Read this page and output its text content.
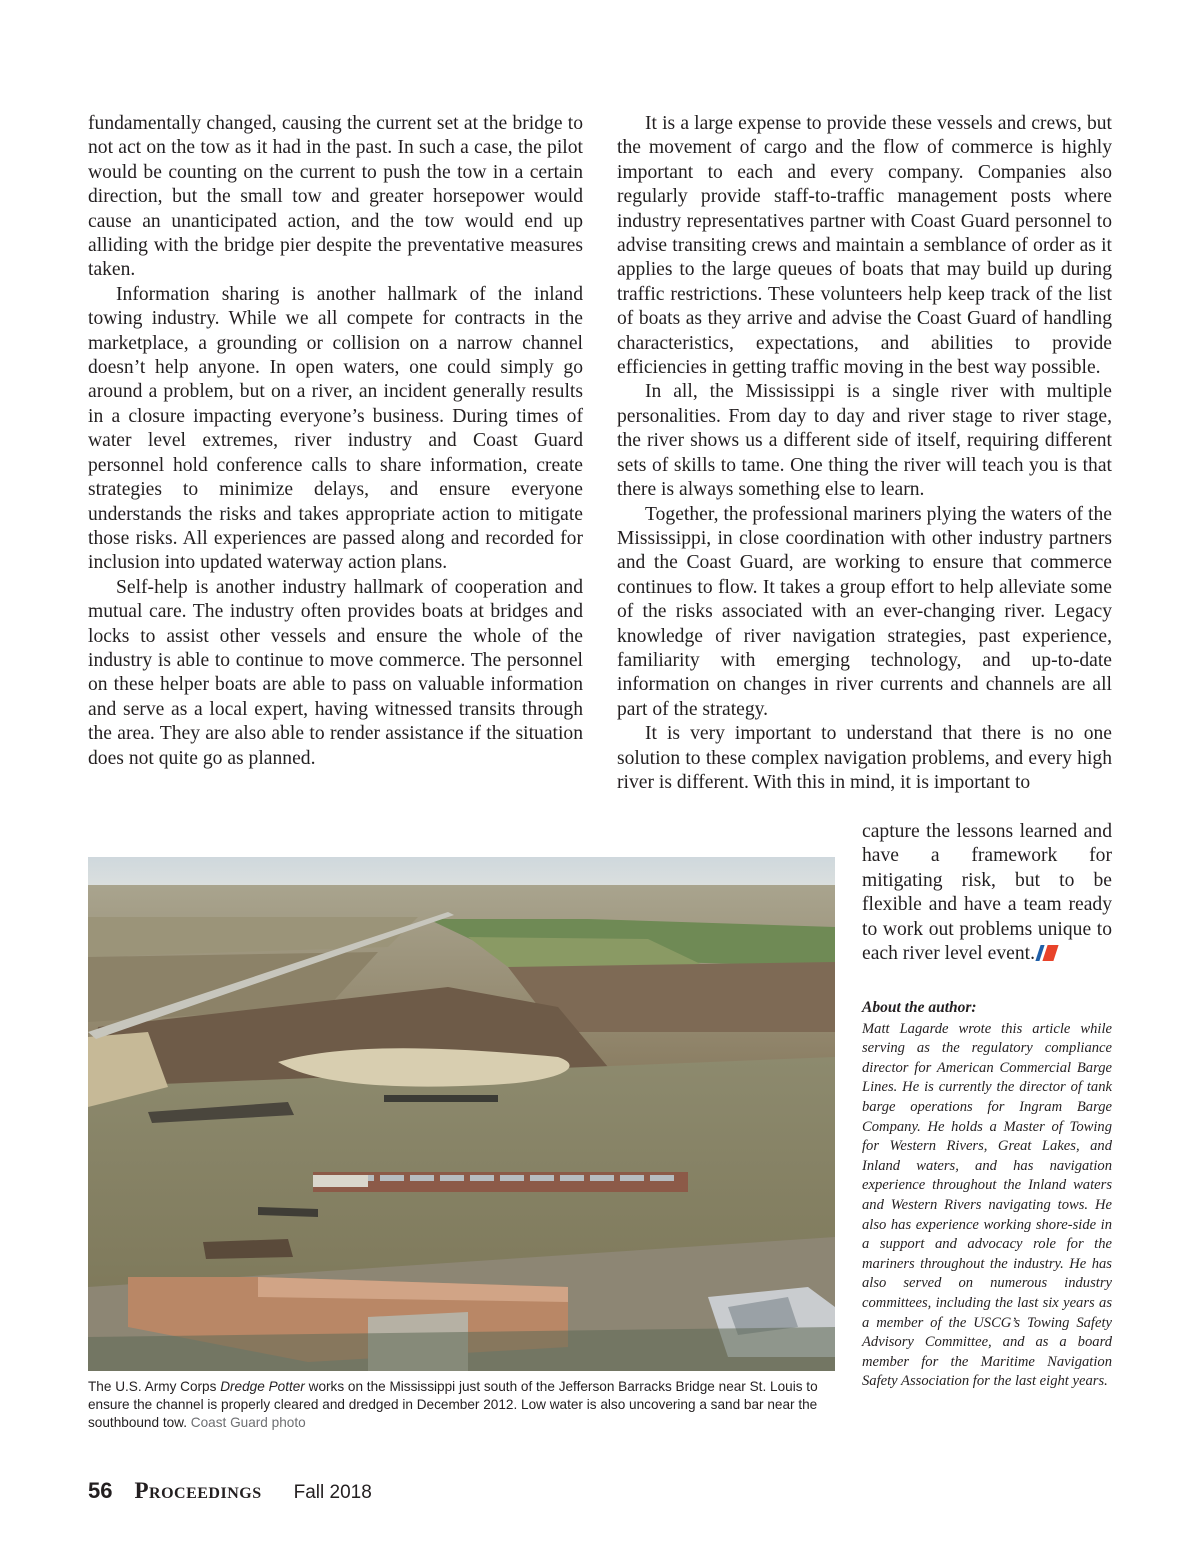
fundamentally changed, causing the current set at the bridge to not act on the tow as it had in the past. In such a case, the pilot would be counting on the current to push the tow in a certain direction, but the small tow and greater horsepower would cause an unanticipated action, and the tow would end up alliding with the bridge pier despite the preventative measures taken.

Information sharing is another hallmark of the inland towing industry. While we all compete for contracts in the marketplace, a grounding or collision on a narrow channel doesn’t help anyone. In open waters, one could simply go around a problem, but on a river, an incident generally results in a closure impacting everyone’s business. During times of water level extremes, river industry and Coast Guard personnel hold conference calls to share information, create strategies to minimize delays, and ensure everyone understands the risks and takes appropriate action to mitigate those risks. All experiences are passed along and recorded for inclusion into updated waterway action plans.

Self-help is another industry hallmark of cooperation and mutual care. The industry often provides boats at bridges and locks to assist other vessels and ensure the whole of the industry is able to continue to move commerce. The personnel on these helper boats are able to pass on valuable information and serve as a local expert, having witnessed transits through the area. They are also able to render assistance if the situation does not quite go as planned.

It is a large expense to provide these vessels and crews, but the movement of cargo and the flow of commerce is highly important to each and every company. Companies also regularly provide staff-to-traffic management posts where industry representatives partner with Coast Guard personnel to advise transiting crews and maintain a semblance of order as it applies to the large queues of boats that may build up during traffic restrictions. These volunteers help keep track of the list of boats as they arrive and advise the Coast Guard of handling characteristics, expectations, and abilities to provide efficiencies in getting traffic moving in the best way possible.

In all, the Mississippi is a single river with multiple personalities. From day to day and river stage to river stage, the river shows us a different side of itself, requiring different sets of skills to tame. One thing the river will teach you is that there is always something else to learn.

Together, the professional mariners plying the waters of the Mississippi, in close coordination with other industry partners and the Coast Guard, are working to ensure that commerce continues to flow. It takes a group effort to help alleviate some of the risks associated with an ever-changing river. Legacy knowledge of river navigation strategies, past experience, familiarity with emerging technology, and up-to-date information on changes in river currents and channels are all part of the strategy.

It is very important to understand that there is no one solution to these complex navigation problems, and every high river is different. With this in mind, it is important to

capture the lessons learned and have a framework for mitigating risk, but to be flexible and have a team ready to work out problems unique to each river level event.
The U.S. Army Corps Dredge Potter works on the Mississippi just south of the Jefferson Barracks Bridge near St. Louis to ensure the channel is properly cleared and dredged in December 2012. Low water is also uncovering a sand bar near the southbound tow. Coast Guard photo
About the author:
Matt Lagarde wrote this article while serving as the regulatory compliance director for American Commercial Barge Lines. He is currently the director of tank barge operations for Ingram Barge Company. He holds a Master of Towing for Western Rivers, Great Lakes, and Inland waters, and has navigation experience throughout the Inland waters and Western Rivers navigating tows. He also has experience working shore-side in a support and advocacy role for the mariners throughout the industry. He has also served on numerous industry committees, including the last six years as a member of the USCG’s Towing Safety Advisory Committee, and as a board member for the Maritime Navigation Safety Association for the last eight years.
56 Proceedings Fall 2018
